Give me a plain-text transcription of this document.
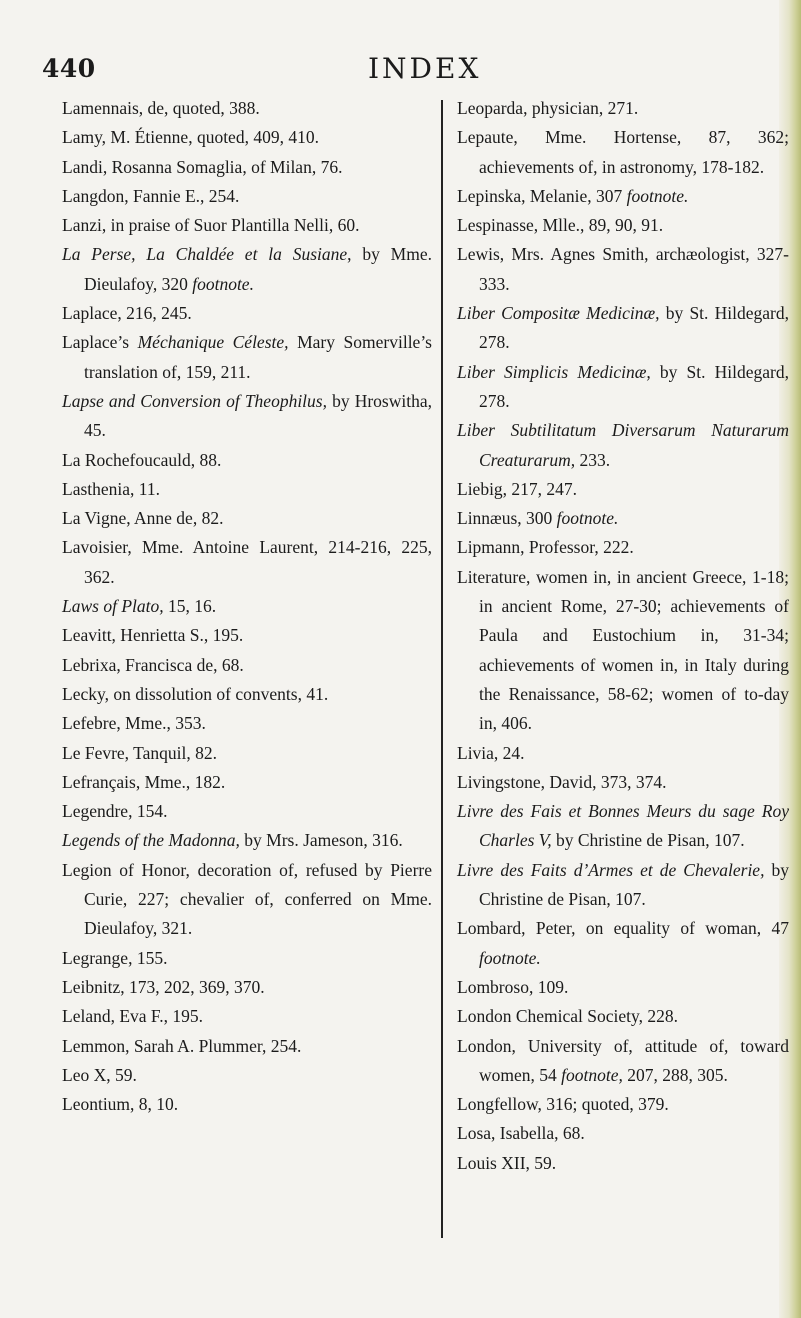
440	INDEX

Lamennais, de, quoted, 388.

Lamy, M. Étienne, quoted, 409, 410.

Landi, Rosanna Somaglia, of Milan, 76.

Langdon, Fannie E., 254.

Lanzi, in praise of Suor Plantilla Nelli, 60.

La Perse, La Chaldée et la Susiane, by Mme. Dieulafoy, 320 footnote.

Laplace, 216, 245.

Laplace’s Méchanique Céleste, Mary Somerville’s translation of, 159, 211.

Lapse and Conversion of Theophilus, by Hroswitha, 45.

La Rochefoucauld, 88.

Lasthenia, 11.

La Vigne, Anne de, 82.

Lavoisier, Mme. Antoine Laurent, 214-216, 225, 362.

Laws of Plato, 15, 16.

Leavitt, Henrietta S., 195.

Lebrixa, Francisca de, 68.

Lecky, on dissolution of convents, 41.

Lefebre, Mme., 353.

Le Fevre, Tanquil, 82.

Lefrançais, Mme., 182.

Legendre, 154.

Legends of the Madonna, by Mrs. Jameson, 316.

Legion of Honor, decoration of, refused by Pierre Curie, 227; chevalier of, conferred on Mme. Dieulafoy, 321.

Legrange, 155.

Leibnitz, 173, 202, 369, 370.

Leland, Eva F., 195.

Lemmon, Sarah A. Plummer, 254.

Leo X, 59.

Leontium, 8, 10.

Leoparda, physician, 271.

Lepaute, Mme. Hortense, 87, 362; achievements of, in astronomy, 178-182.

Lepinska, Melanie, 307 footnote.

Lespinasse, Mlle., 89, 90, 91.

Lewis, Mrs. Agnes Smith, archæologist, 327-333.

Liber Compositæ Medicinæ, by St. Hildegard, 278.

Liber Simplicis Medicinæ, by St. Hildegard, 278.

Liber Subtilitatum Diversarum Naturarum Creaturarum, 233.

Liebig, 217, 247.

Linnæus, 300 footnote.

Lipmann, Professor, 222.

Literature, women in, in ancient Greece, 1-18; in ancient Rome, 27-30; achievements of Paula and Eustochium in, 31-34; achievements of women in, in Italy during the Renaissance, 58-62; women of to-day in, 406.

Livia, 24.

Livingstone, David, 373, 374.

Livre des Fais et Bonnes Meurs du sage Roy Charles V, by Christine de Pisan, 107.

Livre des Faits d’Armes et de Chevalerie, by Christine de Pisan, 107.

Lombard, Peter, on equality of woman, 47 footnote.

Lombroso, 109.

London Chemical Society, 228.

London, University of, attitude of, toward women, 54 footnote, 207, 288, 305.

Longfellow, 316; quoted, 379.

Losa, Isabella, 68.

Louis XII, 59.
